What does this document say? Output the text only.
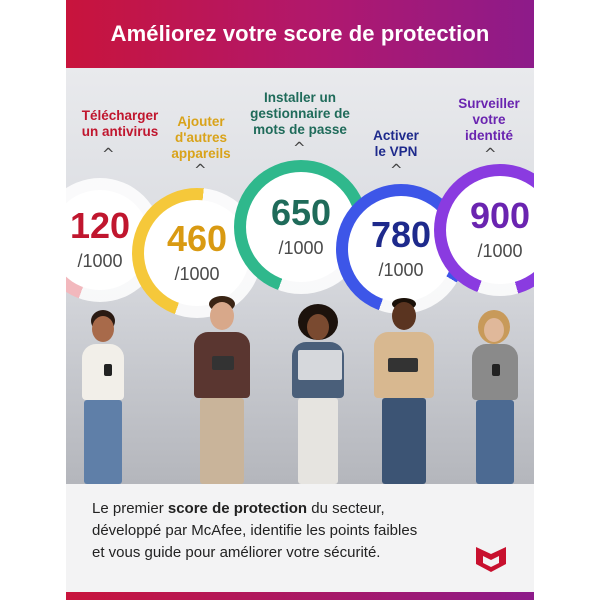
Améliorez votre score de protection
Télécharger
un antivirus
^
Ajouter
d'autres
appareils
^
Installer un
gestionnaire de
mots de passe
^
Activer
le VPN
^
Surveiller
votre
identité
^
120
/1000
460
/1000
650
/1000 780
/1000
900
/1000
Le premier score de protection du secteur,
développé par McAfee, identifie les points faibles
et vous guide pour améliorer votre sécurité.
